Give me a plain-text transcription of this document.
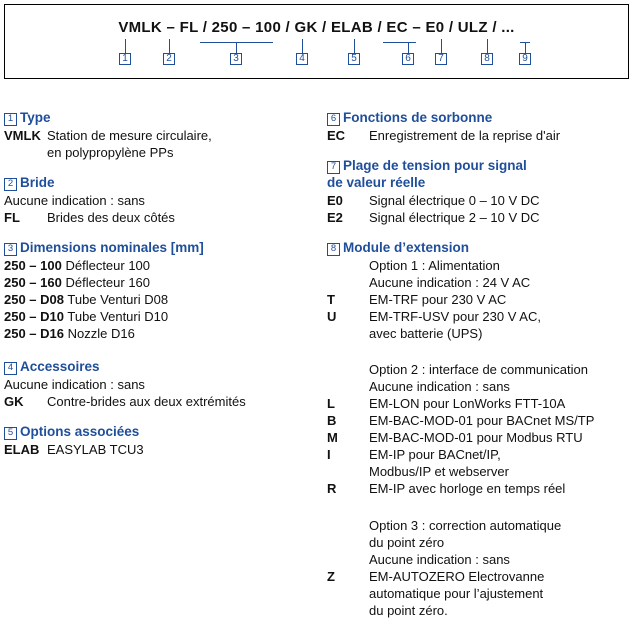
VMLK – FL / 250 – 100 / GK / ELAB / EC – E0 / ULZ / ...
1	2	3	4	5	6	7	8	9
1 Type
VMLK Station de mesure circulaire,
en polypropylène PPs
2 Bride
Aucune indication : sans
FL Brides des deux côtés
3 Dimensions nominales [mm]
250 – 100 Déflecteur 100
250 – 160 Déflecteur 160
250 – D08 Tube Venturi D08
250 – D10 Tube Venturi D10
250 – D16 Nozzle D16
4 Accessoires
Aucune indication : sans
GK Contre-brides aux deux extrémités
5 Options associées
ELAB EASYLAB TCU3
6 Fonctions de sorbonne
EC Enregistrement de la reprise d'air
7 Plage de tension pour signal
de valeur réelle
E0 Signal électrique 0 – 10 V DC
E2 Signal électrique 2 – 10 V DC
8 Module d’extension
Option 1 : Alimentation
Aucune indication : 24 V AC
T	EM-TRF pour 230 V AC
U	EM-TRF-USV pour 230 V AC,
avec batterie (UPS)
Option 2 : interface de communication
Aucune indication : sans
L	EM-LON pour LonWorks FTT-10A
B	EM-BAC-MOD-01 pour BACnet MS/TP
M EM-BAC-MOD-01 pour Modbus RTU
I	EM-IP pour BACnet/IP,
Modbus/IP et webserver
R	EM-IP avec horloge en temps réel
Option 3 : correction automatique
du point zéro
Aucune indication : sans
Z	EM-AUTOZERO Electrovanne
automatique pour l’ajustement
du point zéro.
